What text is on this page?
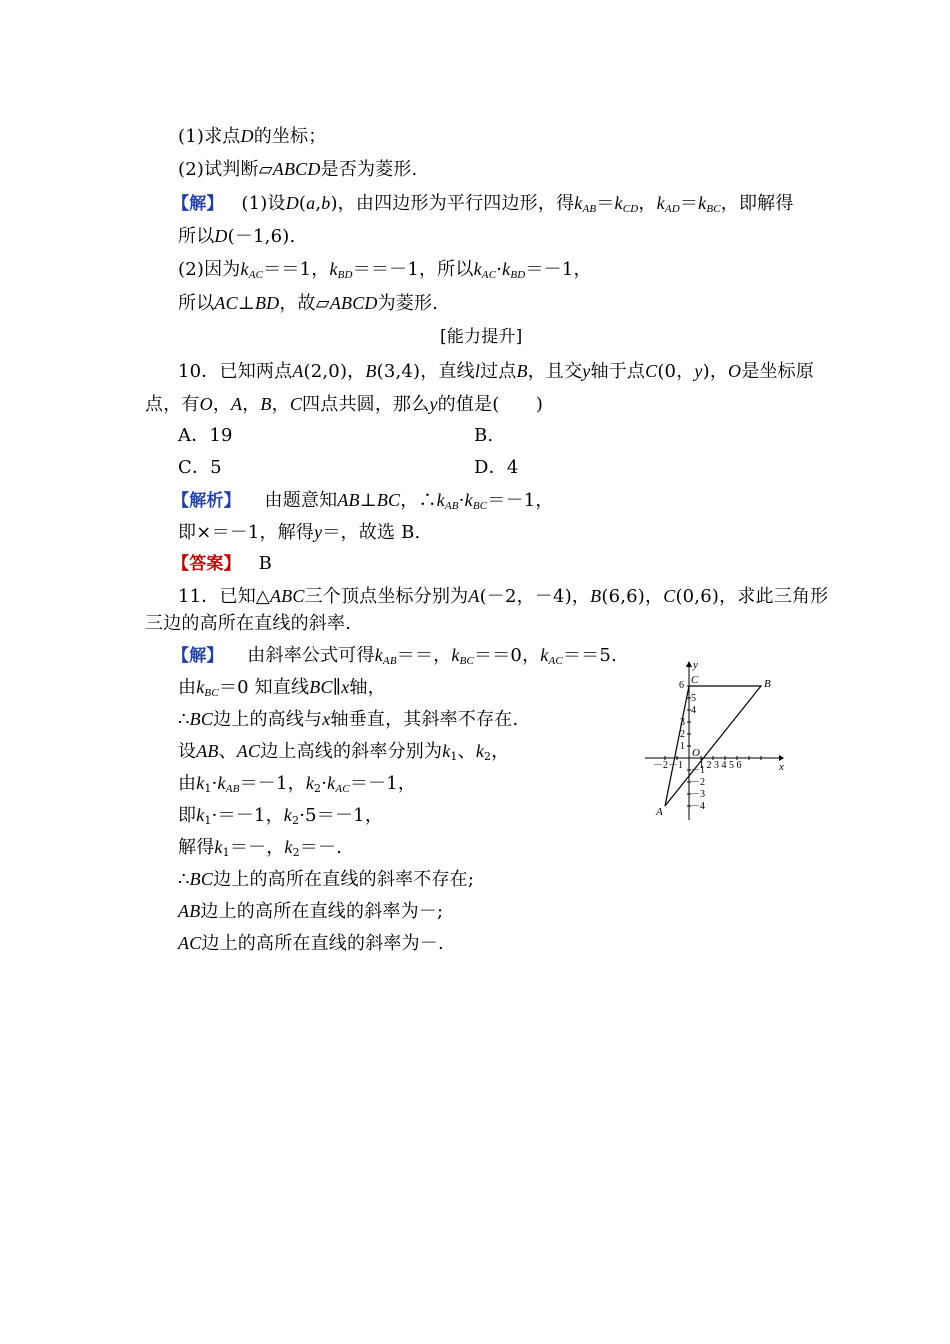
(1)求点D的坐标；
(2)试判断▱ABCD是否为菱形.
【解】 (1)设D(a,b)，由四边形为平行四边形，得$k_{AB}=k_{CD}$，$k_{AD}=k_{BC}$，即解得
所以D(－1,6).
(2)因为$k_{AC}==1$，$k_{BD}==-1$，所以$k_{AC}\cdot k_{BD}=-1$，
所以AC⊥BD，故▱ABCD为菱形.
[能力提升]
10．已知两点A(2,0)，B(3,4)，直线l过点B，且交y轴于点C(0，y)，O是坐标原
点，有O，A，B，C四点共圆，那么y的值是(　　)
A．19	B.
C．5	D．4
【解析】 由题意知AB⊥BC，$\therefore k_{AB}\cdot k_{BC}=-1$，
即×＝－1，解得y＝，故选 B.
【答案】 B
11．已知△ABC三个顶点坐标分别为A(－2，－4)，B(6,6)，C(0,6)，求此三角形
三边的高所在直线的斜率.
【解】 由斜率公式可得$k_{AB}==$，$k_{BC}==0$，$k_{AC}==5$.
由$k_{BC}=0$ 知直线BC∥x轴，
∴BC边上的高线与x轴垂直，其斜率不存在.
设AB、AC边上高线的斜率分别为$k_1$、$k_2$，
由$k_1\cdot k_{AB}=-1$，$k_2\cdot k_{AC}=-1$，
即$k_1\cdot=-1$，$k_2\cdot 5=-1$，
解得$k_1=-$，$k_2=-$.
∴BC边上的高所在直线的斜率不存在;
AB边上的高所在直线的斜率为－;
AC边上的高所在直线的斜率为－.
x
y
O
A
B
C
－2－1 1 2 3 4 5 6
6
5
4
3
2
1
－1
－2
－3
－4
